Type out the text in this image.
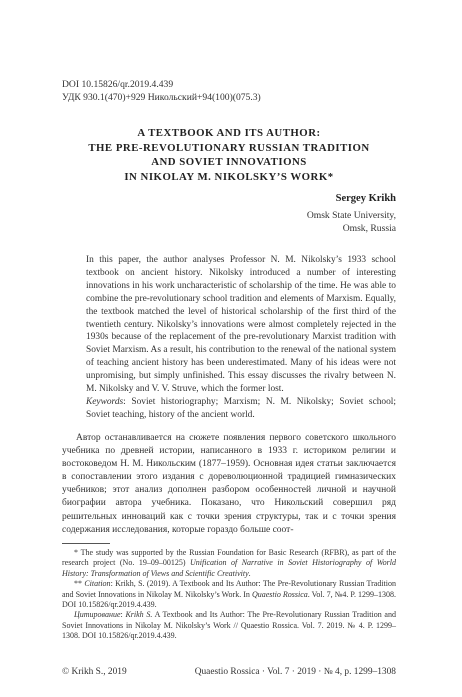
DOI 10.15826/qr.2019.4.439
УДК 930.1(470)+929 Никольский+94(100)(075.3)
A TEXTBOOK AND ITS AUTHOR:
THE PRE-REVOLUTIONARY RUSSIAN TRADITION
AND SOVIET INNOVATIONS
IN NIKOLAY M. NIKOLSKY’S WORK*
Sergey Krikh
Omsk State University,
Omsk, Russia

In this paper, the author analyses Professor N. M. Nikolsky’s 1933 school textbook on ancient history. Nikolsky introduced a number of interesting innovations in his work uncharacteristic of scholarship of the time. He was able to combine the pre-revolutionary school tradition and elements of Marxism. Equally, the textbook matched the level of historical scholarship of the first third of the twentieth century. Nikolsky’s innovations were almost completely rejected in the 1930s because of the replacement of the pre-revolutionary Marxist tradition with Soviet Marxism. As a result, his contribution to the renewal of the national system of teaching ancient history has been underestimated. Many of his ideas were not unpromising, but simply unfinished. This essay discusses the rivalry between N. M. Nikolsky and V. V. Struve, which the former lost.

Keywords: Soviet historiography; Marxism; N. M. Nikolsky; Soviet school; Soviet teaching, history of the ancient world.

Автор останавливается на сюжете появления первого советского школьного учебника по древней истории, написанного в 1933 г. историком религии и востоковедом Н. М. Никольским (1877–1959). Основная идея статьи заключается в сопоставлении этого издания с дореволюционной традицией гимназических учебников; этот анализ дополнен разбором особенностей личной и научной биографии автора учебника. Показано, что Никольский совершил ряд решительных инноваций как с точки зрения структуры, так и с точки зрения содержания исследования, которые гораздо больше соот-

* The study was supported by the Russian Foundation for Basic Research (RFBR), as part of the research project (No. 19–09–00125) Unification of Narrative in Soviet Historiography of World History: Transformation of Views and Scientific Creativity.

** Citation: Krikh, S. (2019). A Textbook and Its Author: The Pre-Revolutionary Russian Tradition and Soviet Innovations in Nikolay M. Nikolsky’s Work. In Quaestio Rossica. Vol. 7, №4. P. 1299–1308. DOI 10.15826/qr.2019.4.439.

Цитирование: Krikh S. A Textbook and Its Author: The Pre-Revolutionary Russian Tradition and Soviet Innovations in Nikolay M. Nikolsky’s Work // Quaestio Rossica. Vol. 7. 2019. № 4. P. 1299–1308. DOI 10.15826/qr.2019.4.439.

© Krikh S., 2019	Quaestio Rossica · Vol. 7 · 2019 · № 4, р. 1299–1308
